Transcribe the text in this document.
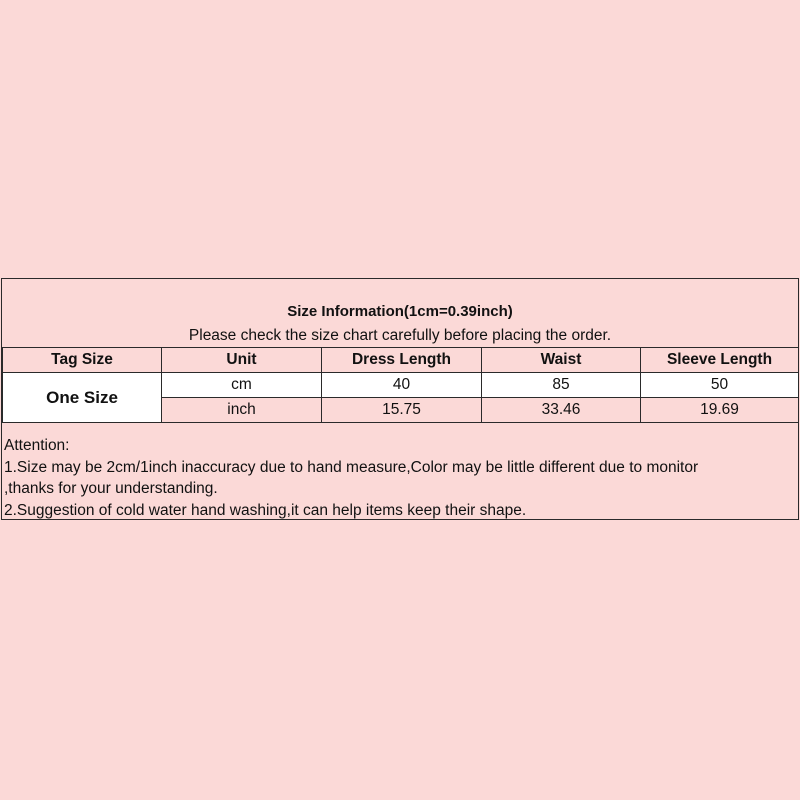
Size Information(1cm=0.39inch)
Please check the size chart carefully before placing the order.
Tag Size	Unit	Dress Length	Waist	Sleeve Length
One Size	cm	40	85	50
	inch	15.75	33.46	19.69
Attention:
1.Size may be 2cm/1inch inaccuracy due to hand measure,Color may be little different due to monitor
,thanks for your understanding.
2.Suggestion of cold water hand washing,it can help items keep their shape.
